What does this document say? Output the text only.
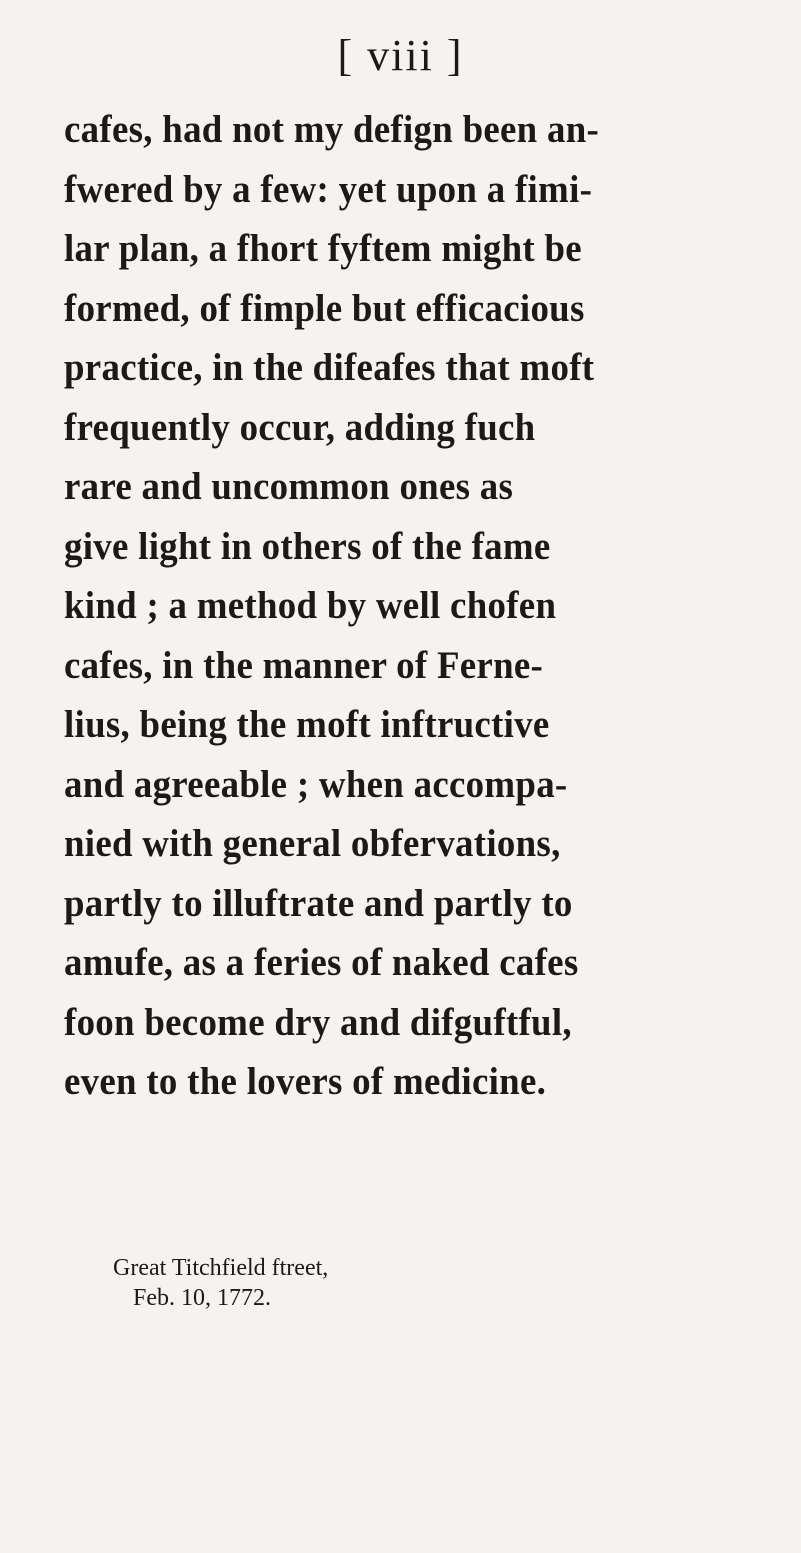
[ viii ]
cafes, had not my defign been an-
fwered by a few: yet upon a fimi-
lar plan, a fhort fyftem might be
formed, of fimple but efficacious
practice, in the difeafes that moft
frequently occur, adding fuch
rare and uncommon ones as
give light in others of the fame
kind ; a method by well chofen
cafes, in the manner of Ferne-
lius, being the moft inftructive
and agreeable ; when accompa-
nied with general obfervations,
partly to illuftrate and partly to
amufe, as a feries of naked cafes
foon become dry and difguftful,
even to the lovers of medicine.
Great Titchfield ftreet,
Feb. 10, 1772.
